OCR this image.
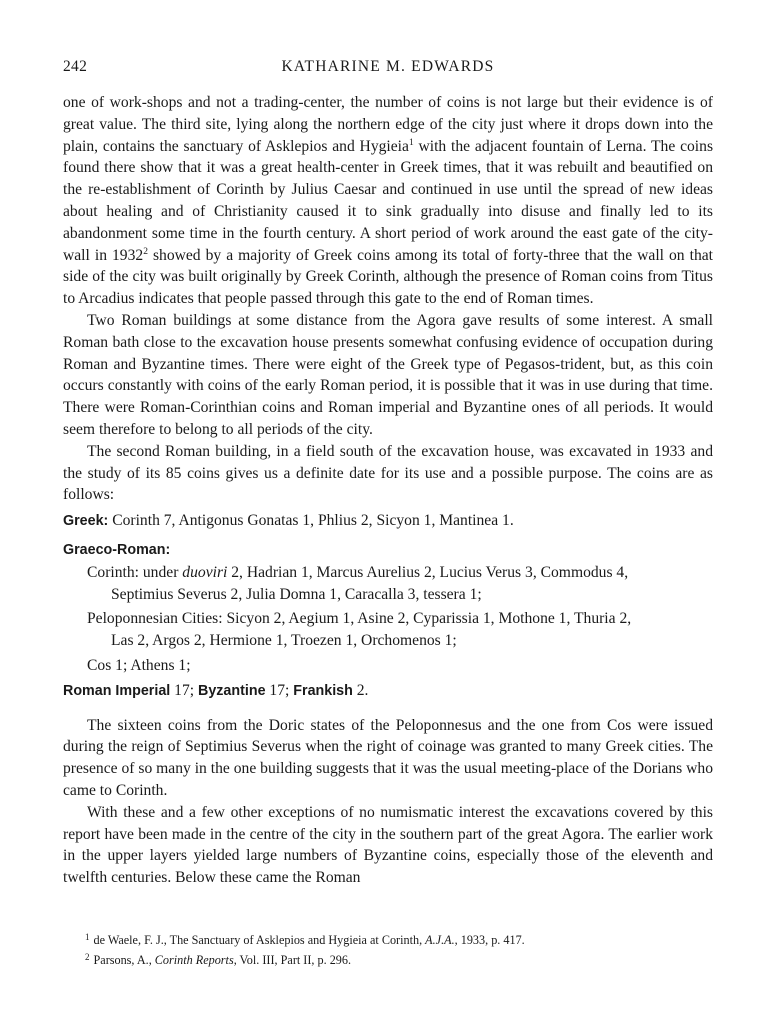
242	KATHARINE M. EDWARDS

one of work-shops and not a trading-center, the number of coins is not large but their evidence is of great value. The third site, lying along the northern edge of the city just where it drops down into the plain, contains the sanctuary of Asklepios and Hygieia$^1$ with the adjacent fountain of Lerna. The coins found there show that it was a great health-center in Greek times, that it was rebuilt and beautified on the re-establishment of Corinth by Julius Caesar and continued in use until the spread of new ideas about healing and of Christianity caused it to sink gradually into disuse and finally led to its abandonment some time in the fourth century. A short period of work around the east gate of the city-wall in 1932$^2$ showed by a majority of Greek coins among its total of forty-three that the wall on that side of the city was built originally by Greek Corinth, although the presence of Roman coins from Titus to Arcadius indicates that people passed through this gate to the end of Roman times.

Two Roman buildings at some distance from the Agora gave results of some interest. A small Roman bath close to the excavation house presents somewhat confusing evidence of occupation during Roman and Byzantine times. There were eight of the Greek type of Pegasos-trident, but, as this coin occurs constantly with coins of the early Roman period, it is possible that it was in use during that time. There were Roman-Corinthian coins and Roman imperial and Byzantine ones of all periods. It would seem therefore to belong to all periods of the city.

The second Roman building, in a field south of the excavation house, was excavated in 1933 and the study of its 85 coins gives us a definite date for its use and a possible purpose. The coins are as follows:

Greek: Corinth 7, Antigonus Gonatas 1, Phlius 2, Sicyon 1, Mantinea 1.

Graeco-Roman:

Corinth: under duoviri 2, Hadrian 1, Marcus Aurelius 2, Lucius Verus 3, Commodus 4,

Septimius Severus 2, Julia Domna 1, Caracalla 3, tessera 1;

Peloponnesian Cities: Sicyon 2, Aegium 1, Asine 2, Cyparissia 1, Mothone 1, Thuria 2,

Las 2, Argos 2, Hermione 1, Troezen 1, Orchomenos 1;

Cos 1; Athens 1;

Roman Imperial 17; Byzantine 17; Frankish 2.

The sixteen coins from the Doric states of the Peloponnesus and the one from Cos were issued during the reign of Septimius Severus when the right of coinage was granted to many Greek cities. The presence of so many in the one building suggests that it was the usual meeting-place of the Dorians who came to Corinth.

With these and a few other exceptions of no numismatic interest the excavations covered by this report have been made in the centre of the city in the southern part of the great Agora. The earlier work in the upper layers yielded large numbers of Byzantine coins, especially those of the eleventh and twelfth centuries. Below these came the Roman

$^1$ de Waele, F. J., The Sanctuary of Asklepios and Hygieia at Corinth, A.J.A., 1933, p. 417.

$^2$ Parsons, A., Corinth Reports, Vol. III, Part II, p. 296.
